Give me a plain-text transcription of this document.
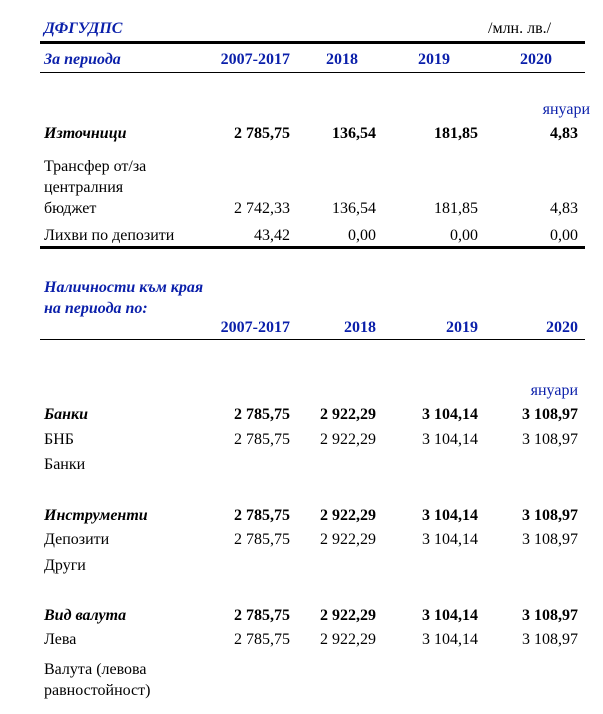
ДФГУДПС	/млн. лв./
За периода	2007-2017	2018	2019	2020
януари
Източници	2 785,75	136,54	181,85	4,83
Трансфер от/за централния бюджет	2 742,33	136,54	181,85	4,83
Лихви по депозити	43,42	0,00	0,00	0,00
Наличности към края на периода по:
2007-2017	2018	2019	2020
януари
Банки	2 785,75	2 922,29	3 104,14	3 108,97
БНБ	2 785,75	2 922,29	3 104,14	3 108,97
Банки
Инструменти	2 785,75	2 922,29	3 104,14	3 108,97
Депозити	2 785,75	2 922,29	3 104,14	3 108,97
Други
Вид валута	2 785,75	2 922,29	3 104,14	3 108,97
Лева	2 785,75	2 922,29	3 104,14	3 108,97
Валута (левова равностойност)
